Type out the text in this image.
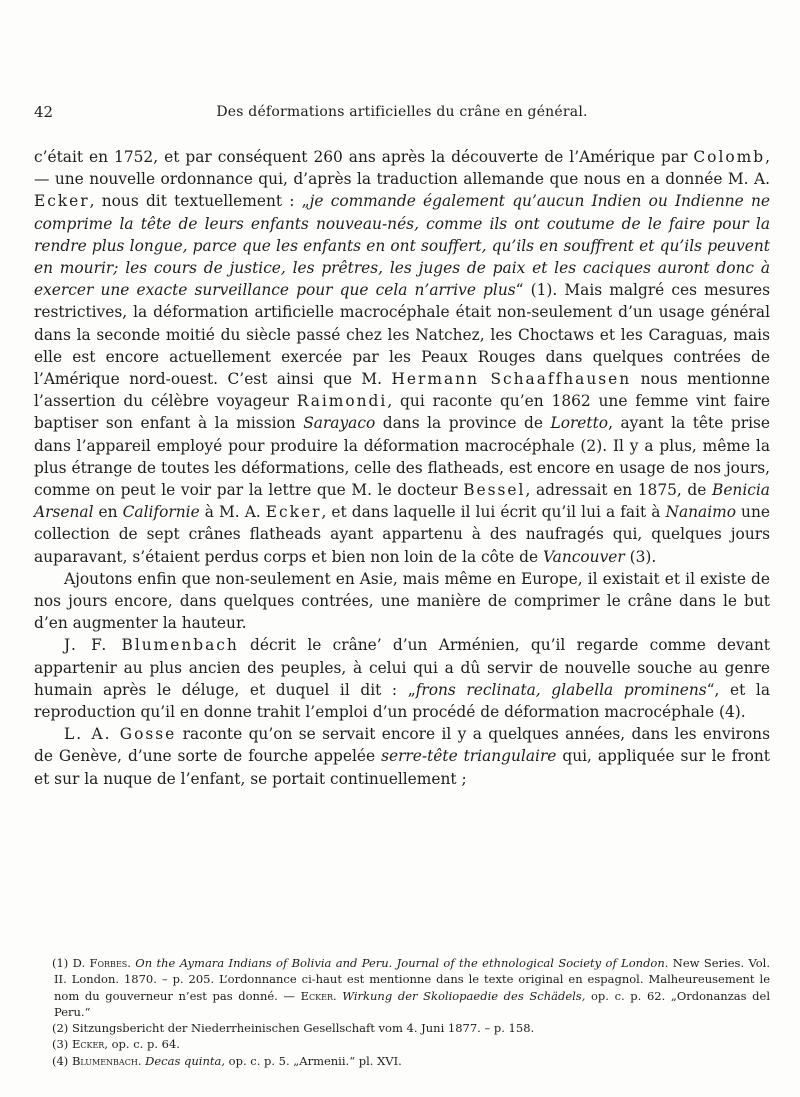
42	Des déformations artificielles du crâne en général.

c’était en 1752, et par conséquent 260 ans après la découverte de l’Amérique par Colomb, — une nouvelle ordonnance qui, d’après la traduction allemande que nous en a donnée M. A. Ecker, nous dit textuellement : „je commande également qu’aucun Indien ou Indienne ne comprime la tête de leurs enfants nouveau-nés, comme ils ont coutume de le faire pour la rendre plus longue, parce que les enfants en ont souffert, qu’ils en souffrent et qu’ils peuvent en mourir; les cours de justice, les prêtres, les juges de paix et les caciques auront donc à exercer une exacte surveillance pour que cela n’arrive plus“ (1). Mais malgré ces mesures restrictives, la déformation artificielle macrocéphale était non-seulement d’un usage général dans la seconde moitié du siècle passé chez les Natchez, les Choctaws et les Caraguas, mais elle est encore actuellement exercée par les Peaux Rouges dans quelques contrées de l’Amérique nord-ouest. C’est ainsi que M. Hermann Schaaffhausen nous mentionne l’assertion du célèbre voyageur Raimondi, qui raconte qu’en 1862 une femme vint faire baptiser son enfant à la mission Sarayaco dans la province de Loretto, ayant la tête prise dans l’appareil employé pour produire la déformation macrocéphale (2). Il y a plus, même la plus étrange de toutes les déformations, celle des flatheads, est encore en usage de nos jours, comme on peut le voir par la lettre que M. le docteur Bessel, adressait en 1875, de Benicia Arsenal en Californie à M. A. Ecker, et dans laquelle il lui écrit qu’il lui a fait à Nanaimo une collection de sept crânes flatheads ayant appartenu à des naufragés qui, quelques jours auparavant, s’étaient perdus corps et bien non loin de la côte de Vancouver (3).

Ajoutons enfin que non-seulement en Asie, mais même en Europe, il existait et il existe de nos jours encore, dans quelques contrées, une manière de comprimer le crâne dans le but d’en augmenter la hauteur.

J. F. Blumenbach décrit le crâne’ d’un Arménien, qu’il regarde comme devant appartenir au plus ancien des peuples, à celui qui a dû servir de nouvelle souche au genre humain après le déluge, et duquel il dit : „frons reclinata, glabella prominens“, et la reproduction qu’il en donne trahit l’emploi d’un procédé de déformation macrocéphale (4).

L. A. Gosse raconte qu’on se servait encore il y a quelques années, dans les environs de Genève, d’une sorte de fourche appelée serre-tête triangulaire qui, appliquée sur le front et sur la nuque de l’enfant, se portait continuellement ;

(1) D. Forbes. On the Aymara Indians of Bolivia and Peru. Journal of the ethnological Society of London. New Series. Vol. II. London. 1870. – p. 205. L’ordonnance ci-haut est mentionne dans le texte original en espagnol. Malheureusement le nom du gouverneur n’est pas donné. — Ecker. Wirkung der Skoliopaedie des Schädels, op. c. p. 62. „Ordonanzas del Peru.“

(2) Sitzungsbericht der Niederrheinischen Gesellschaft vom 4. Juni 1877. – p. 158.

(3) Ecker, op. c. p. 64.

(4) Blumenbach. Decas quinta, op. c. p. 5. „Armenii.“ pl. XVI.
